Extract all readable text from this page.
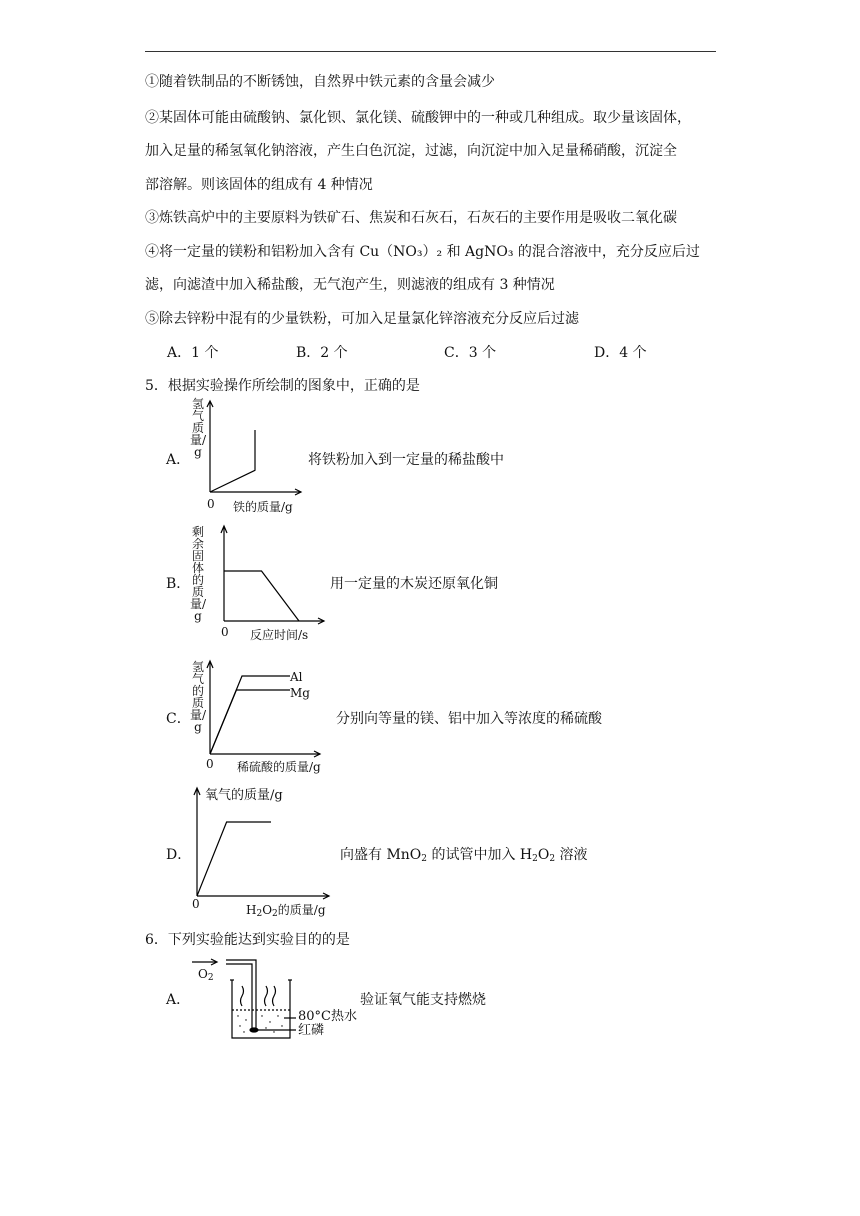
①随着铁制品的不断锈蚀，自然界中铁元素的含量会减少
②某固体可能由硫酸钠、氯化钡、氯化镁、硫酸钾中的一种或几种组成。取少量该固体，
加入足量的稀氢氧化钠溶液，产生白色沉淀，过滤，向沉淀中加入足量稀硝酸，沉淀全
部溶解。则该固体的组成有 4 种情况
③炼铁高炉中的主要原料为铁矿石、焦炭和石灰石，石灰石的主要作用是吸收二氧化碳
④将一定量的镁粉和铝粉加入含有 Cu（NO₃）₂ 和 AgNO₃ 的混合溶液中，充分反应后过
滤，向滤渣中加入稀盐酸，无气泡产生，则滤液的组成有 3 种情况
⑤除去锌粉中混有的少量铁粉，可加入足量氯化锌溶液充分反应后过滤
A．1 个	B．2 个	C．3 个	D．4 个
5．根据实验操作所绘制的图象中，正确的是
A．
氢气质量/g
0 铁的质量/g
将铁粉加入到一定量的稀盐酸中
B．
剩余固体的质量/g
0 反应时间/s
用一定量的木炭还原氧化铜
C．
氢气的质量/g
Al
Mg
0 稀硫酸的质量/g
分别向等量的镁、铝中加入等浓度的稀硫酸
D．
氧气的质量/g
0	$H_2O_2$的质量/g
向盛有 MnO$_2$ 的试管中加入 $H_2O_2$ 溶液
6．下列实验能达到实验目的的是
A．
$O_2$
80°C热水
红磷
验证氧气能支持燃烧
